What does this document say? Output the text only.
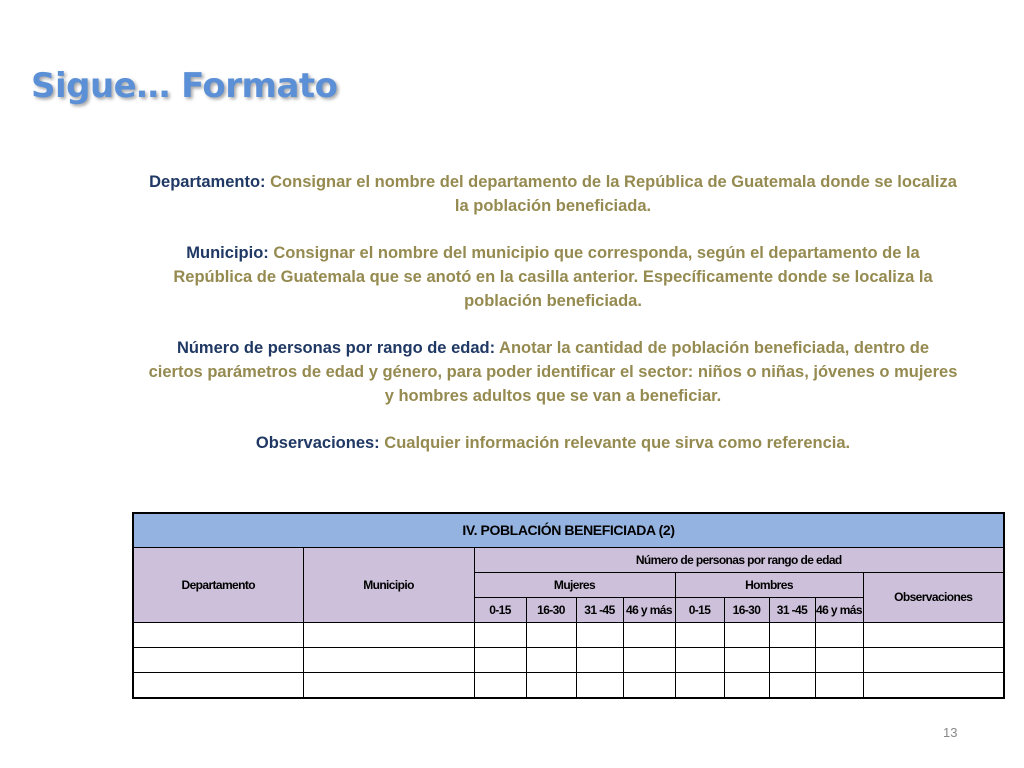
Sigue… Formato

Departamento: Consignar el nombre del departamento de la República de Guatemala donde se localiza la población beneficiada.

Municipio: Consignar el nombre del municipio que corresponda, según el departamento de la República de Guatemala que se anotó en la casilla anterior. Específicamente donde se localiza la población beneficiada.

Número de personas por rango de edad: Anotar la cantidad de población beneficiada, dentro de ciertos parámetros de edad y género, para poder identificar el sector: niños o niñas, jóvenes o mujeres y hombres adultos que se van a beneficiar.

Observaciones: Cualquier información relevante que sirva como referencia.

IV. POBLACIÓN BENEFICIADA (2)										
Departamento	Municipio	Número de personas por rango de edad								
		Mujeres				Hombres				Observaciones
		0-15	16-30	31 -45	46 y más	0-15	16-30	31 -45	46 y más	

13
